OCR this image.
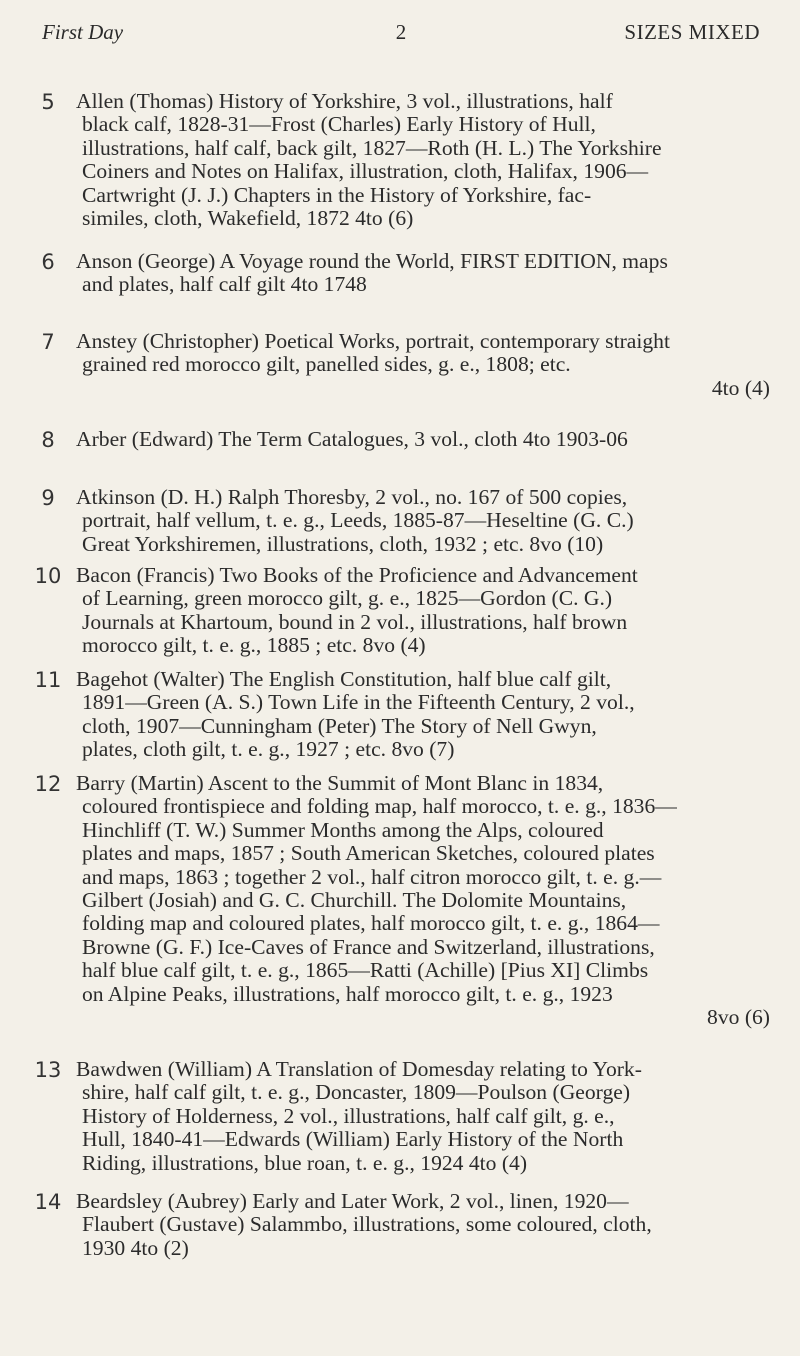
First Day	2	SIZES MIXED
5 Allen (Thomas) History of Yorkshire, 3 vol., illustrations, half
black calf, 1828-31—Frost (Charles) Early History of Hull,
illustrations, half calf, back gilt, 1827—Roth (H. L.) The Yorkshire
Coiners and Notes on Halifax, illustration, cloth, Halifax, 1906—
Cartwright (J. J.) Chapters in the History of Yorkshire, fac-
similes, cloth, Wakefield, 1872 4to (6)
6 Anson (George) A Voyage round the World, FIRST EDITION, maps
and plates, half calf gilt 4to 1748
7 Anstey (Christopher) Poetical Works, portrait, contemporary straight
grained red morocco gilt, panelled sides, g. e., 1808; etc.
4to (4)
8 Arber (Edward) The Term Catalogues, 3 vol., cloth 4to 1903-06
9 Atkinson (D. H.) Ralph Thoresby, 2 vol., no. 167 of 500 copies,
portrait, half vellum, t. e. g., Leeds, 1885-87—Heseltine (G. C.)
Great Yorkshiremen, illustrations, cloth, 1932 ; etc. 8vo (10)
10 Bacon (Francis) Two Books of the Proficience and Advancement
of Learning, green morocco gilt, g. e., 1825—Gordon (C. G.)
Journals at Khartoum, bound in 2 vol., illustrations, half brown
morocco gilt, t. e. g., 1885 ; etc. 8vo (4)
11 Bagehot (Walter) The English Constitution, half blue calf gilt,
1891—Green (A. S.) Town Life in the Fifteenth Century, 2 vol.,
cloth, 1907—Cunningham (Peter) The Story of Nell Gwyn,
plates, cloth gilt, t. e. g., 1927 ; etc. 8vo (7)
12 Barry (Martin) Ascent to the Summit of Mont Blanc in 1834,
coloured frontispiece and folding map, half morocco, t. e. g., 1836—
Hinchliff (T. W.) Summer Months among the Alps, coloured
plates and maps, 1857 ; South American Sketches, coloured plates
and maps, 1863 ; together 2 vol., half citron morocco gilt, t. e. g.—
Gilbert (Josiah) and G. C. Churchill. The Dolomite Mountains,
folding map and coloured plates, half morocco gilt, t. e. g., 1864—
Browne (G. F.) Ice-Caves of France and Switzerland, illustrations,
half blue calf gilt, t. e. g., 1865—Ratti (Achille) [Pius XI] Climbs
on Alpine Peaks, illustrations, half morocco gilt, t. e. g., 1923
8vo (6)
13 Bawdwen (William) A Translation of Domesday relating to York-
shire, half calf gilt, t. e. g., Doncaster, 1809—Poulson (George)
History of Holderness, 2 vol., illustrations, half calf gilt, g. e.,
Hull, 1840-41—Edwards (William) Early History of the North
Riding, illustrations, blue roan, t. e. g., 1924 4to (4)
14 Beardsley (Aubrey) Early and Later Work, 2 vol., linen, 1920—
Flaubert (Gustave) Salammbo, illustrations, some coloured, cloth,
1930 4to (2)
